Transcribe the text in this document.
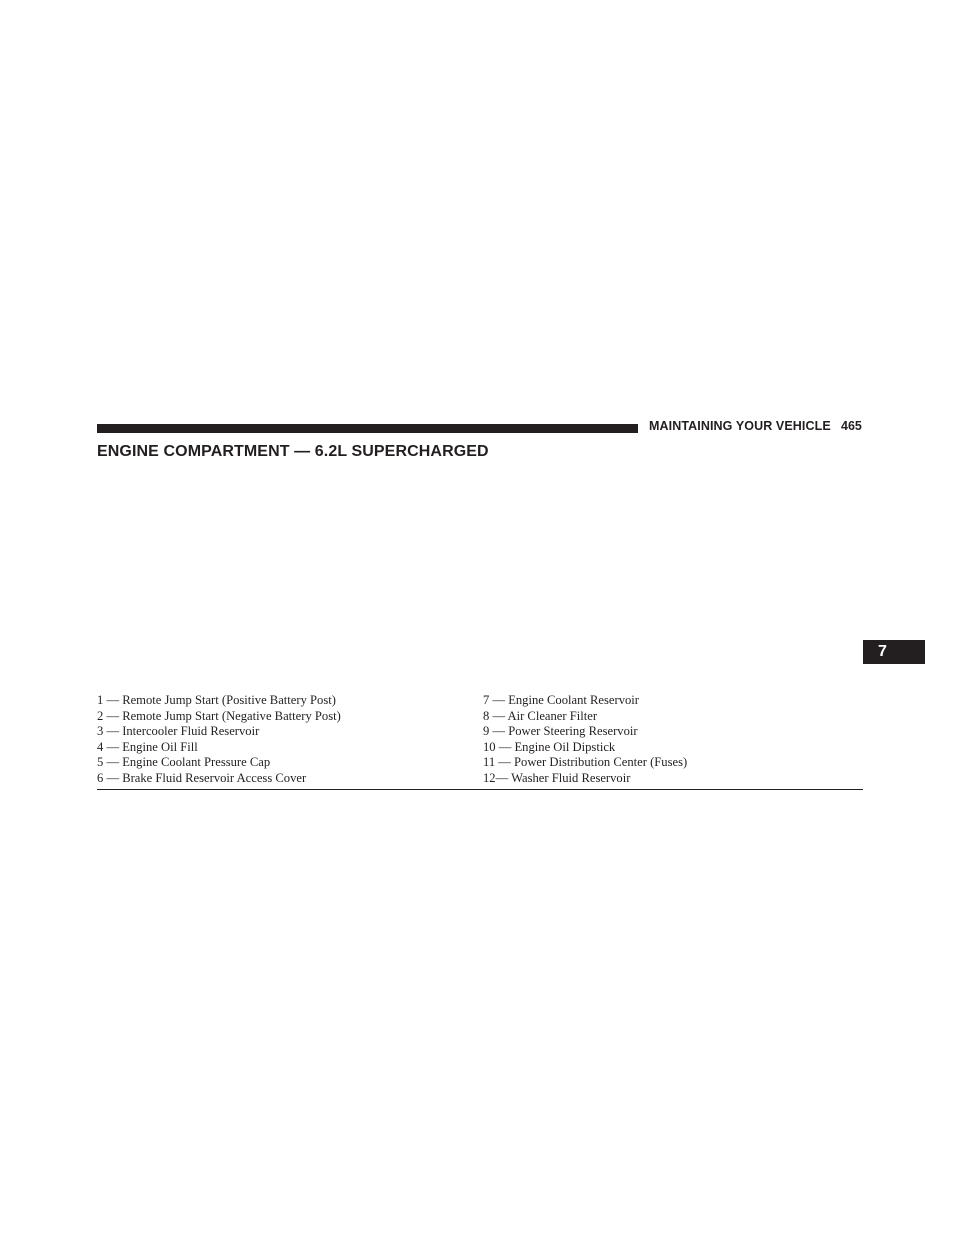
MAINTAINING YOUR VEHICLE 465
ENGINE COMPARTMENT — 6.2L SUPERCHARGED
7
1 — Remote Jump Start (Positive Battery Post)
2 — Remote Jump Start (Negative Battery Post)
3 — Intercooler Fluid Reservoir
4 — Engine Oil Fill
5 — Engine Coolant Pressure Cap
6 — Brake Fluid Reservoir Access Cover
7 — Engine Coolant Reservoir
8 — Air Cleaner Filter
9 — Power Steering Reservoir
10 — Engine Oil Dipstick
11 — Power Distribution Center (Fuses)
12— Washer Fluid Reservoir
